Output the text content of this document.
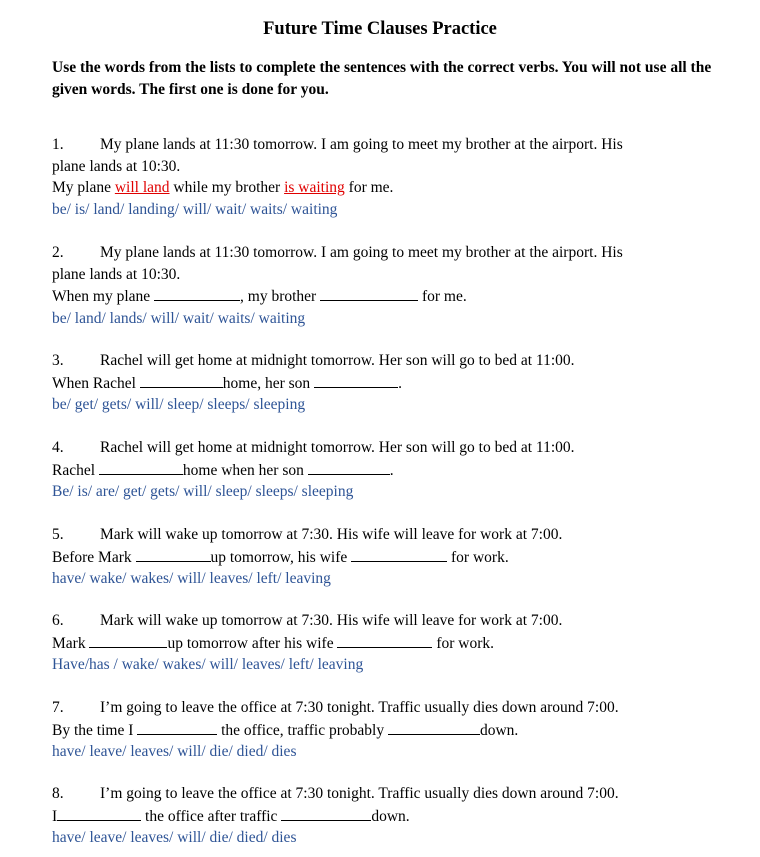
Future Time Clauses Practice
Use the words from the lists to complete the sentences with the correct verbs. You will not use all the given words. The first one is done for you.
1. My plane lands at 11:30 tomorrow. I am going to meet my brother at the airport. His
plane lands at 10:30.
My plane will land while my brother is waiting for me.
be/ is/ land/ landing/ will/ wait/ waits/ waiting
2. My plane lands at 11:30 tomorrow. I am going to meet my brother at the airport. His
plane lands at 10:30.
When my plane	, my brother	for me.
be/ land/ lands/ will/ wait/ waits/ waiting
3. Rachel will get home at midnight tomorrow. Her son will go to bed at 11:00.
When Rachel	home, her son	.
be/ get/ gets/ will/ sleep/ sleeps/ sleeping
4. Rachel will get home at midnight tomorrow. Her son will go to bed at 11:00.
Rachel	home when her son	.
Be/ is/ are/ get/ gets/ will/ sleep/ sleeps/ sleeping
5. Mark will wake up tomorrow at 7:30. His wife will leave for work at 7:00.
Before Mark	up tomorrow, his wife	for work.
have/ wake/ wakes/ will/ leaves/ left/ leaving
6. Mark will wake up tomorrow at 7:30. His wife will leave for work at 7:00.
Mark	up tomorrow after his wife	for work.
Have/has / wake/ wakes/ will/ leaves/ left/ leaving
7. I’m going to leave the office at 7:30 tonight. Traffic usually dies down around 7:00.
By the time I	the office, traffic probably	down.
have/ leave/ leaves/ will/ die/ died/ dies
8. I’m going to leave the office at 7:30 tonight. Traffic usually dies down around 7:00.
I	the office after traffic	down.
have/ leave/ leaves/ will/ die/ died/ dies
